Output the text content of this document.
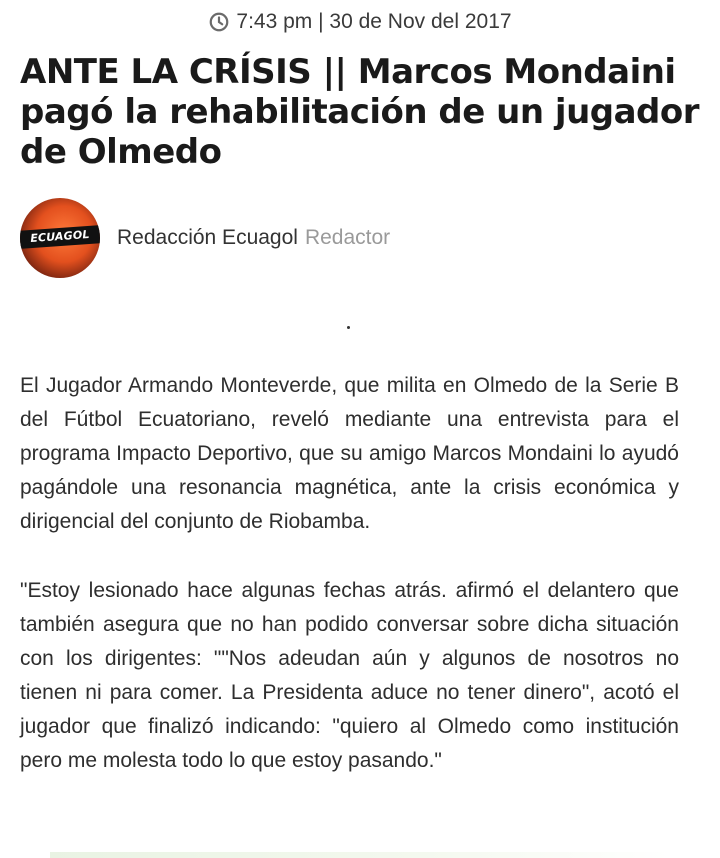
7:43 pm | 30 de Nov del 2017
ANTE LA CRÍSIS || Marcos Mondaini pagó la rehabilitación de un jugador de Olmedo
ECUAGOL	Redacción Ecuagol Redactor

El Jugador Armando Monteverde, que milita en Olmedo de la Serie B del Fútbol Ecuatoriano, reveló mediante una entrevista para el programa Impacto Deportivo, que su amigo Marcos Mondaini lo ayudó pagándole una resonancia magnética, ante la crisis económica y dirigencial del conjunto de Riobamba.

"Estoy lesionado hace algunas fechas atrás. afirmó el delantero que también asegura que no han podido conversar sobre dicha situación con los dirigentes: ""Nos adeudan aún y algunos de nosotros no tienen ni para comer. La Presidenta aduce no tener dinero", acotó el jugador que finalizó indicando: "quiero al Olmedo como institución pero me molesta todo lo que estoy pasando."
